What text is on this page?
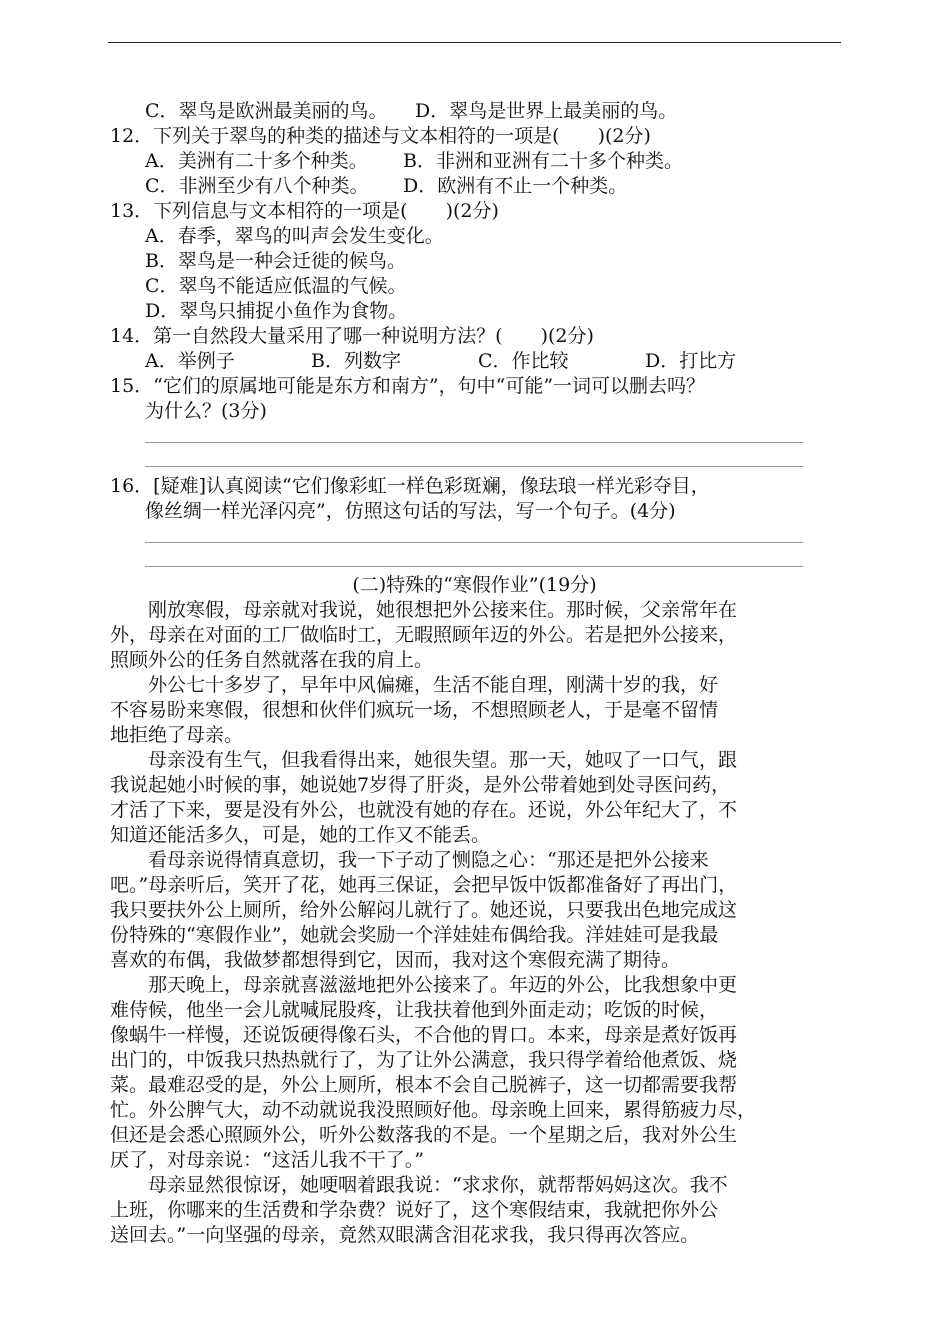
C．翠鸟是欧洲最美丽的鸟。 D．翠鸟是世界上最美丽的鸟。
12．下列关于翠鸟的种类的描述与文本相符的一项是(　　)(2分)
A．美洲有二十多个种类。 B．非洲和亚洲有二十多个种类。
C．非洲至少有八个种类。 D．欧洲有不止一个种类。
13．下列信息与文本相符的一项是(　　)(2分)
A．春季，翠鸟的叫声会发生变化。
B．翠鸟是一种会迁徙的候鸟。
C．翠鸟不能适应低温的气候。
D．翠鸟只捕捉小鱼作为食物。
14．第一自然段大量采用了哪一种说明方法？(　　)(2分)
A．举例子	B．列数字	C．作比较	D．打比方
15．“它们的原属地可能是东方和南方”，句中“可能”一词可以删去吗？
为什么？(3分)
16．[疑难]认真阅读“它们像彩虹一样色彩斑斓，像珐琅一样光彩夺目，
像丝绸一样光泽闪亮”，仿照这句话的写法，写一个句子。(4分)
(二)特殊的“寒假作业”(19分)
　　刚放寒假，母亲就对我说，她很想把外公接来住。那时候，父亲常年在
外，母亲在对面的工厂做临时工，无暇照顾年迈的外公。若是把外公接来，
照顾外公的任务自然就落在我的肩上。
　　外公七十多岁了，早年中风偏瘫，生活不能自理，刚满十岁的我，好
不容易盼来寒假，很想和伙伴们疯玩一场，不想照顾老人，于是毫不留情
地拒绝了母亲。
　　母亲没有生气，但我看得出来，她很失望。那一天，她叹了一口气，跟
我说起她小时候的事，她说她7岁得了肝炎，是外公带着她到处寻医问药，
才活了下来，要是没有外公，也就没有她的存在。还说，外公年纪大了，不
知道还能活多久，可是，她的工作又不能丢。
　　看母亲说得情真意切，我一下子动了恻隐之心：“那还是把外公接来
吧。”母亲听后，笑开了花，她再三保证，会把早饭中饭都准备好了再出门，
我只要扶外公上厕所，给外公解闷儿就行了。她还说，只要我出色地完成这
份特殊的“寒假作业”，她就会奖励一个洋娃娃布偶给我。洋娃娃可是我最
喜欢的布偶，我做梦都想得到它，因而，我对这个寒假充满了期待。
　　那天晚上，母亲就喜滋滋地把外公接来了。年迈的外公，比我想象中更
难侍候，他坐一会儿就喊屁股疼，让我扶着他到外面走动；吃饭的时候，
像蜗牛一样慢，还说饭硬得像石头，不合他的胃口。本来，母亲是煮好饭再
出门的，中饭我只热热就行了，为了让外公满意，我只得学着给他煮饭、烧
菜。最难忍受的是，外公上厕所，根本不会自己脱裤子，这一切都需要我帮
忙。外公脾气大，动不动就说我没照顾好他。母亲晚上回来，累得筋疲力尽，
但还是会悉心照顾外公，听外公数落我的不是。一个星期之后，我对外公生
厌了，对母亲说：“这活儿我不干了。”
　　母亲显然很惊讶，她哽咽着跟我说：“求求你，就帮帮妈妈这次。我不
上班，你哪来的生活费和学杂费？说好了，这个寒假结束，我就把你外公
送回去。”一向坚强的母亲，竟然双眼满含泪花求我，我只得再次答应。
